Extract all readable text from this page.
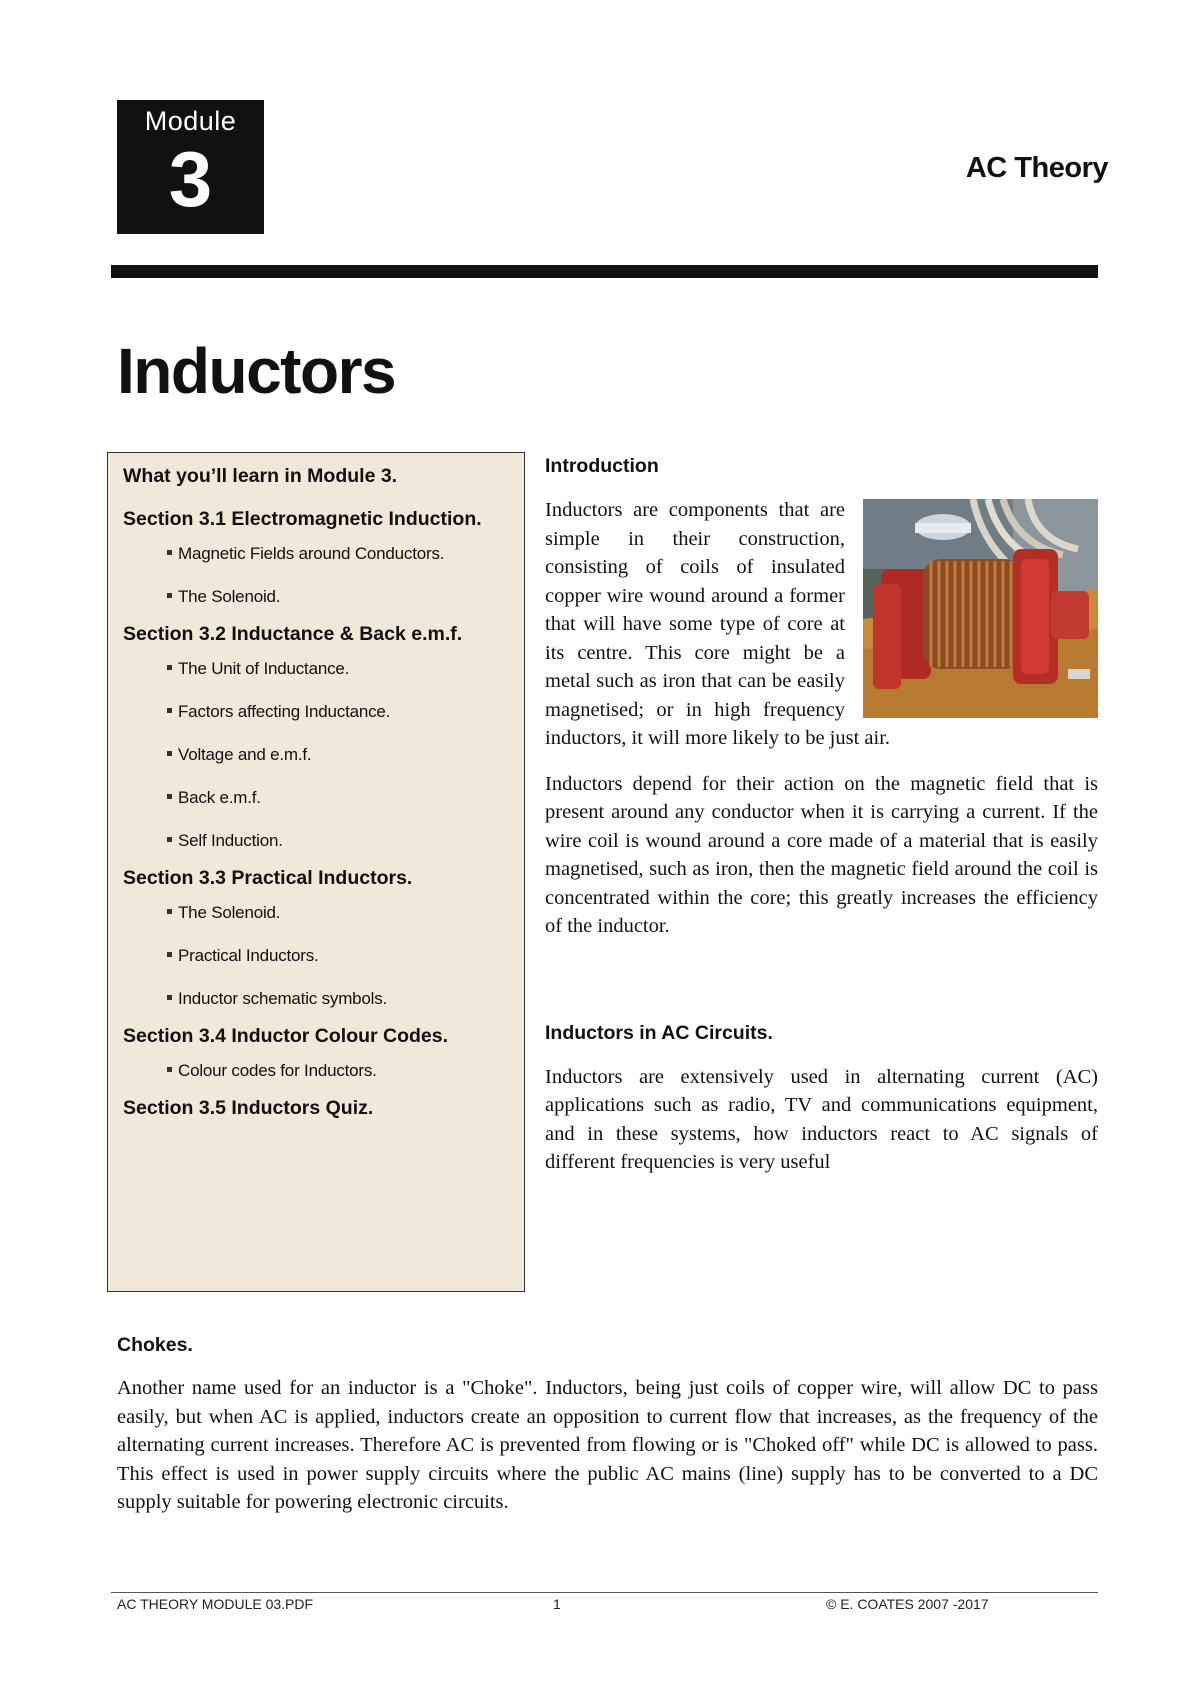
Module
3	AC Theory
Inductors
What you’ll learn in Module 3.
Section 3.1 Electromagnetic Induction.
Magnetic Fields around Conductors.
The Solenoid.
Section 3.2 Inductance & Back e.m.f.
The Unit of Inductance.
Factors affecting Inductance.
Voltage and e.m.f.
Back e.m.f.
Self Induction.
Section 3.3 Practical Inductors.
The Solenoid.
Practical Inductors.
Inductor schematic symbols.
Section 3.4 Inductor Colour Codes.
Colour codes for Inductors.
Section 3.5 Inductors Quiz.
Introduction

Inductors are components that are simple in their construction, consisting of coils of insulated copper wire wound around a former that will have some type of core at its centre. This core might be a metal such as iron that can be easily magnetised; or in high frequency inductors, it will more likely to be just air.

Inductors depend for their action on the magnetic field that is present around any conductor when it is carrying a current. If the wire coil is wound around a core made of a material that is easily magnetised, such as iron, then the magnetic field around the coil is concentrated within the core; this greatly increases the efficiency of the inductor.

Inductors in AC Circuits.

Inductors are extensively used in alternating current (AC) applications such as radio, TV and communications equipment, and in these systems, how inductors react to AC signals of different frequencies is very useful

Chokes.

Another name used for an inductor is a "Choke". Inductors, being just coils of copper wire, will allow DC to pass easily, but when AC is applied, inductors create an opposition to current flow that increases, as the frequency of the alternating current increases. Therefore AC is prevented from flowing or is "Choked off" while DC is allowed to pass. This effect is used in power supply circuits where the public AC mains (line) supply has to be converted to a DC supply suitable for powering electronic circuits.

AC THEORY MODULE 03.PDF	1	© E. COATES 2007 -2017
